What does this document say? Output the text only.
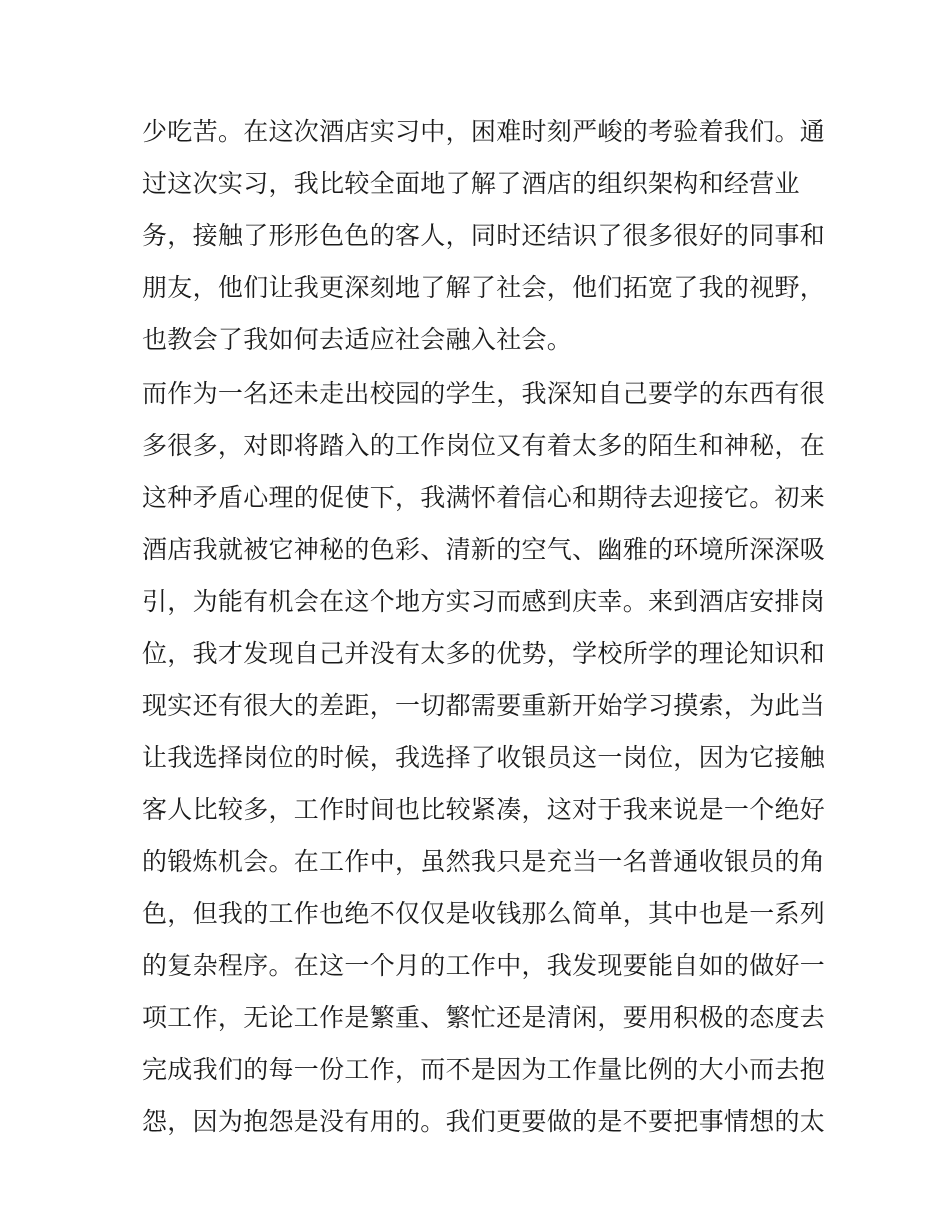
少吃苦。在这次酒店实习中，困难时刻严峻的考验着我们。通
过这次实习，我比较全面地了解了酒店的组织架构和经营业
务，接触了形形色色的客人，同时还结识了很多很好的同事和
朋友，他们让我更深刻地了解了社会，他们拓宽了我的视野，
也教会了我如何去适应社会融入社会。
而作为一名还未走出校园的学生，我深知自己要学的东西有很
多很多，对即将踏入的工作岗位又有着太多的陌生和神秘，在
这种矛盾心理的促使下，我满怀着信心和期待去迎接它。初来
酒店我就被它神秘的色彩、清新的空气、幽雅的环境所深深吸
引，为能有机会在这个地方实习而感到庆幸。来到酒店安排岗
位，我才发现自己并没有太多的优势，学校所学的理论知识和
现实还有很大的差距，一切都需要重新开始学习摸索，为此当
让我选择岗位的时候，我选择了收银员这一岗位，因为它接触
客人比较多，工作时间也比较紧凑，这对于我来说是一个绝好
的锻炼机会。在工作中，虽然我只是充当一名普通收银员的角
色，但我的工作也绝不仅仅是收钱那么简单，其中也是一系列
的复杂程序。在这一个月的工作中，我发现要能自如的做好一
项工作，无论工作是繁重、繁忙还是清闲，要用积极的态度去
完成我们的每一份工作，而不是因为工作量比例的大小而去抱
怨，因为抱怨是没有用的。我们更要做的是不要把事情想的太
